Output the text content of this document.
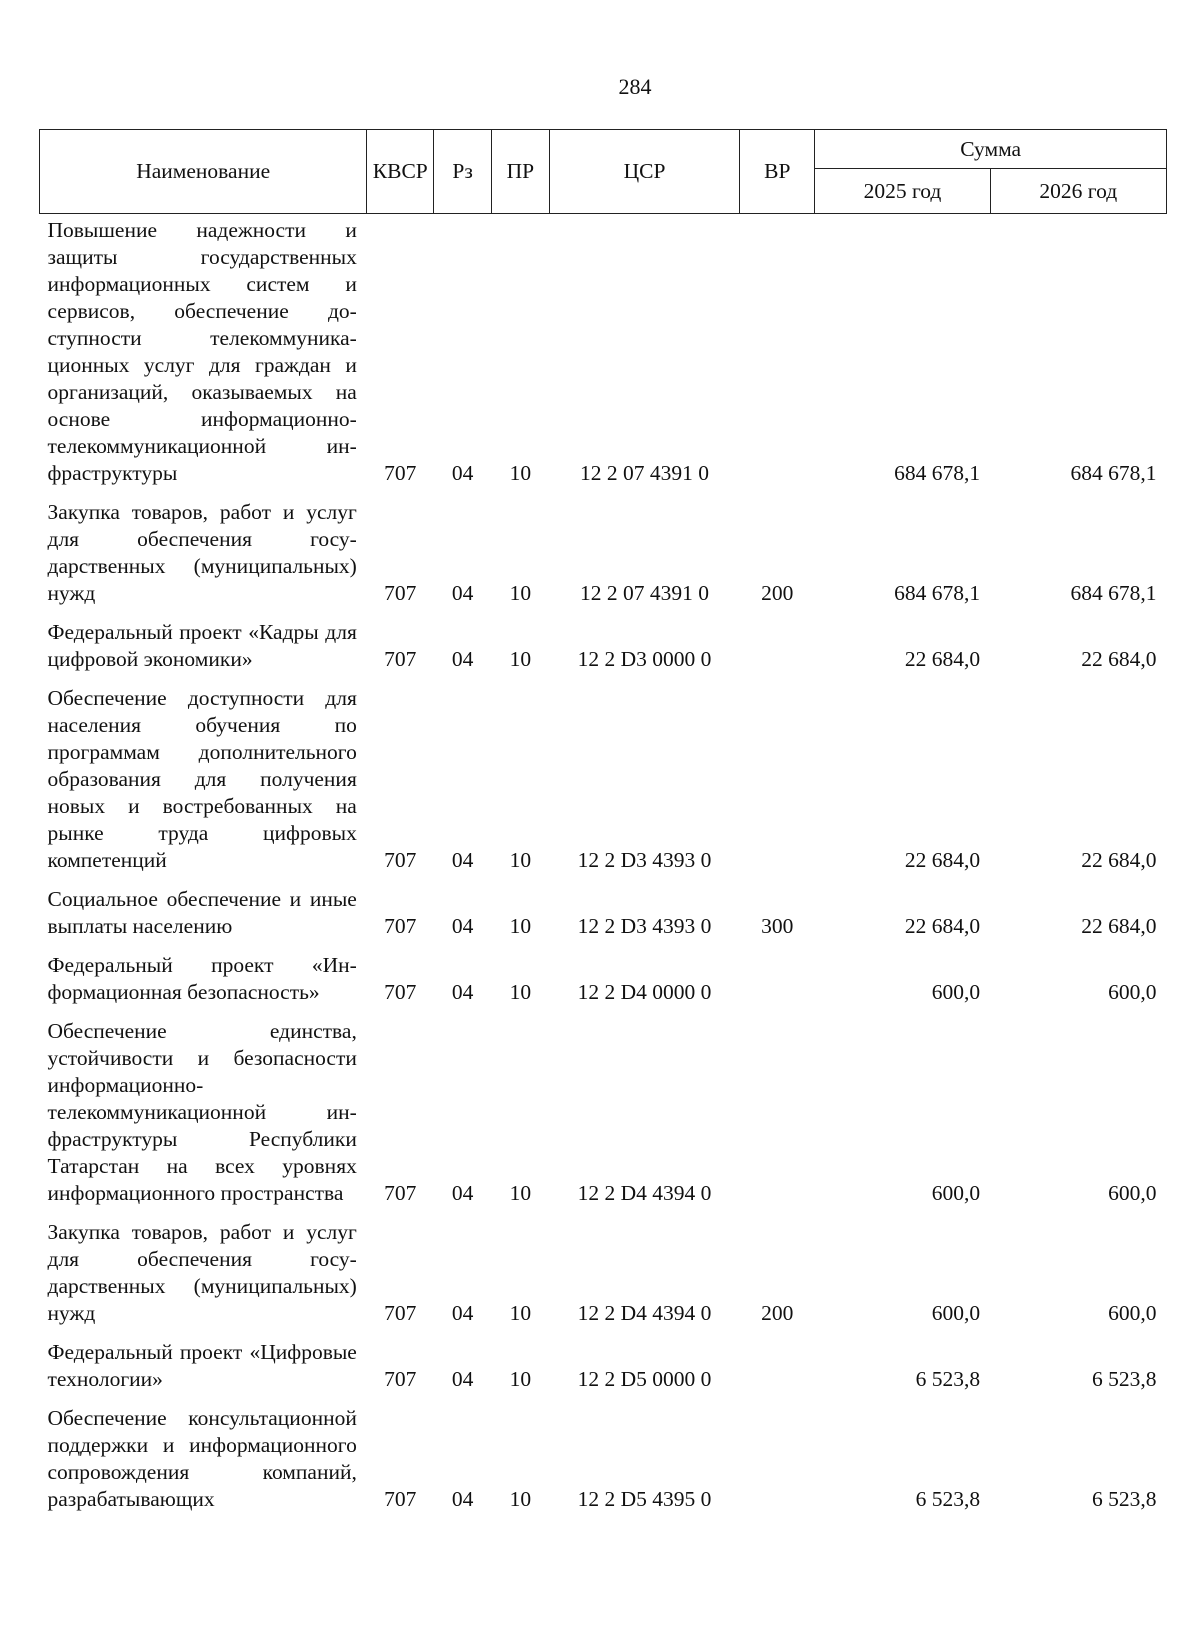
284
Наименование	КВСР	Рз	ПР	ЦСР	ВР	Сумма	
						2025 год	2026 год
Повышение надежности и защиты государственных информационных систем и сервисов, обеспечение доступности телекоммуникационных услуг для граждан и организаций, оказываемых на основе информационно-телекоммуникационной инфраструктуры	707	04	10	12 2 07 4391 0		684 678,1	684 678,1
Закупка товаров, работ и услуг для обеспечения государственных (муниципальных) нужд	707	04	10	12 2 07 4391 0	200	684 678,1	684 678,1
Федеральный проект «Кадры для цифровой экономики»	707	04	10	12 2 D3 0000 0		22 684,0	22 684,0
Обеспечение доступности для населения обучения по программам дополнительного образования для получения новых и востребованных на рынке труда цифровых компетенций	707	04	10	12 2 D3 4393 0		22 684,0	22 684,0
Социальное обеспечение и иные выплаты населению	707	04	10	12 2 D3 4393 0	300	22 684,0	22 684,0
Федеральный проект «Информационная безопасность»	707	04	10	12 2 D4 0000 0		600,0	600,0
Обеспечение единства, устойчивости и безопасности информационно-телекоммуникационной инфраструктуры Республики Татарстан на всех уровнях информационного пространства	707	04	10	12 2 D4 4394 0		600,0	600,0
Закупка товаров, работ и услуг для обеспечения государственных (муниципальных) нужд	707	04	10	12 2 D4 4394 0	200	600,0	600,0
Федеральный проект «Цифровые технологии»	707	04	10	12 2 D5 0000 0		6 523,8	6 523,8
Обеспечение консультационной поддержки и информационного сопровождения компаний, разрабатывающих	707	04	10	12 2 D5 4395 0		6 523,8	6 523,8
